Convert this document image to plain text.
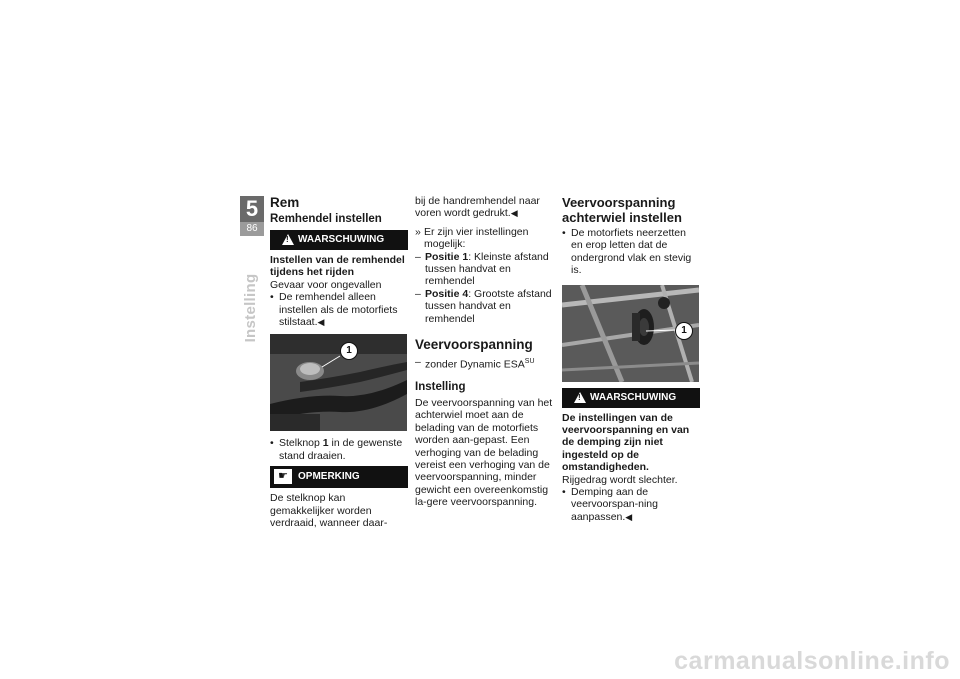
5
86
Instelling
Rem
Remhendel instellen
!
WAARSCHUWING

Instellen van de remhendel tijdens het rijden

Gevaar voor ongevallen

• De remhendel alleen instellen als de motorfiets stilstaat.◀

1

• Stelknop 1 in de gewenste stand draaien.

☛	OPMERKING

De stelknop kan gemakkelijker worden verdraaid, wanneer daar-

bij de handremhendel naar voren wordt gedrukt.◀

» Er zijn vier instellingen mogelijk:

– Positie 1: Kleinste afstand tussen handvat en remhendel

– Positie 4: Grootste afstand tussen handvat en remhendel

Veervoorspanning

– zonder Dynamic $ESA^{SU}$

Instelling

De veervoorspanning van het achterwiel moet aan de belading van de motorfiets worden aan-gepast. Een verhoging van de belading vereist een verhoging van de veervoorspanning, minder gewicht een overeenkomstig la-gere veervoorspanning.

Veervoorspanning achterwiel instellen

• De motorfiets neerzetten en erop letten dat de ondergrond vlak en stevig is.

1
!
WAARSCHUWING

De instellingen van de veervoorspanning en van de demping zijn niet ingesteld op de omstandigheden.

Rijgedrag wordt slechter.

• Demping aan de veervoorspan-ning aanpassen.◀

carmanualsonline.info
